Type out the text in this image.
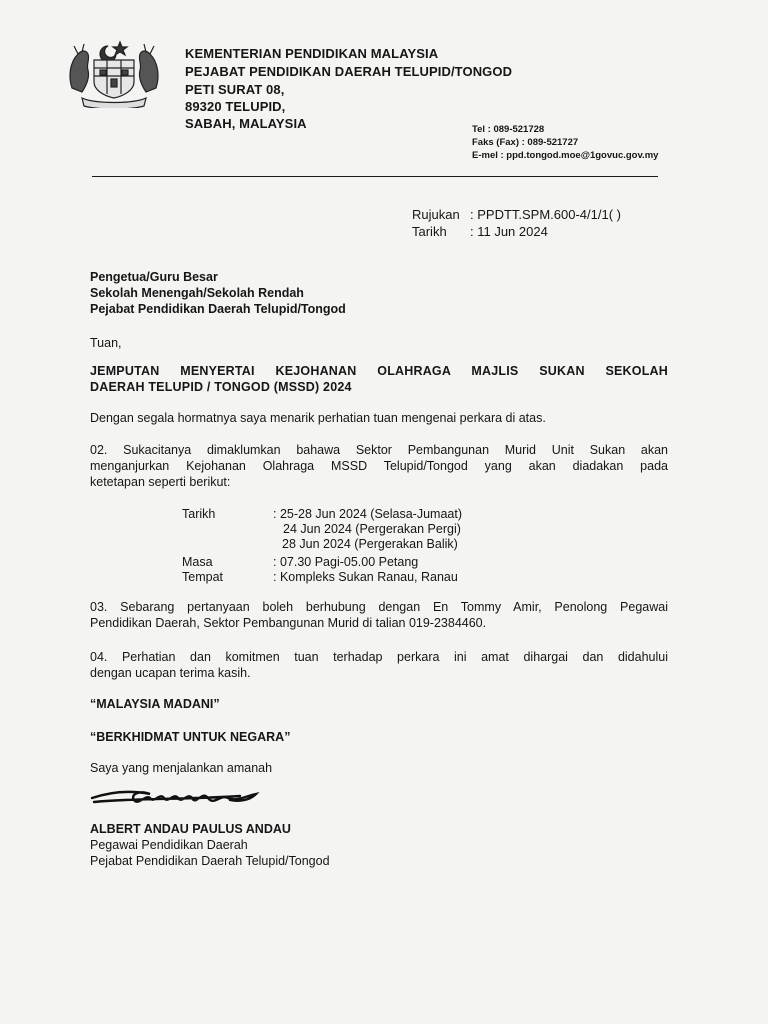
KEMENTERIAN PENDIDIKAN MALAYSIA
PEJABAT PENDIDIKAN DAERAH TELUPID/TONGOD
PETI SURAT 08,
89320 TELUPID,
SABAH, MALAYSIA	Tel : 089-521728
Faks (Fax) : 089-521727
E-mel : ppd.tongod.moe@1govuc.gov.my
Rujukan : PPDTT.SPM.600-4/1/1( )
Tarikh : 11 Jun 2024
Pengetua/Guru Besar
Sekolah Menengah/Sekolah Rendah
Pejabat Pendidikan Daerah Telupid/Tongod
Tuan,
JEMPUTAN MENYERTAI KEJOHANAN OLAHRAGA MAJLIS SUKAN SEKOLAH
DAERAH TELUPID / TONGOD (MSSD) 2024
Dengan segala hormatnya saya menarik perhatian tuan mengenai perkara di atas.
02. Sukacitanya dimaklumkan bahawa Sektor Pembangunan Murid Unit Sukan akan
menganjurkan Kejohanan Olahraga MSSD Telupid/Tongod yang akan diadakan pada
ketetapan seperti berikut:
Tarikh	: 25-28 Jun 2024 (Selasa-Jumaat)
24 Jun 2024 (Pergerakan Pergi)
28 Jun 2024 (Pergerakan Balik)
Masa	: 07.30 Pagi-05.00 Petang
Tempat	: Kompleks Sukan Ranau, Ranau
03. Sebarang pertanyaan boleh berhubung dengan En Tommy Amir, Penolong Pegawai
Pendidikan Daerah, Sektor Pembangunan Murid di talian 019-2384460.
04. Perhatian dan komitmen tuan terhadap perkara ini amat dihargai dan didahului
dengan ucapan terima kasih.
“MALAYSIA MADANI”
“BERKHIDMAT UNTUK NEGARA”
Saya yang menjalankan amanah
ALBERT ANDAU PAULUS ANDAU
Pegawai Pendidikan Daerah
Pejabat Pendidikan Daerah Telupid/Tongod
